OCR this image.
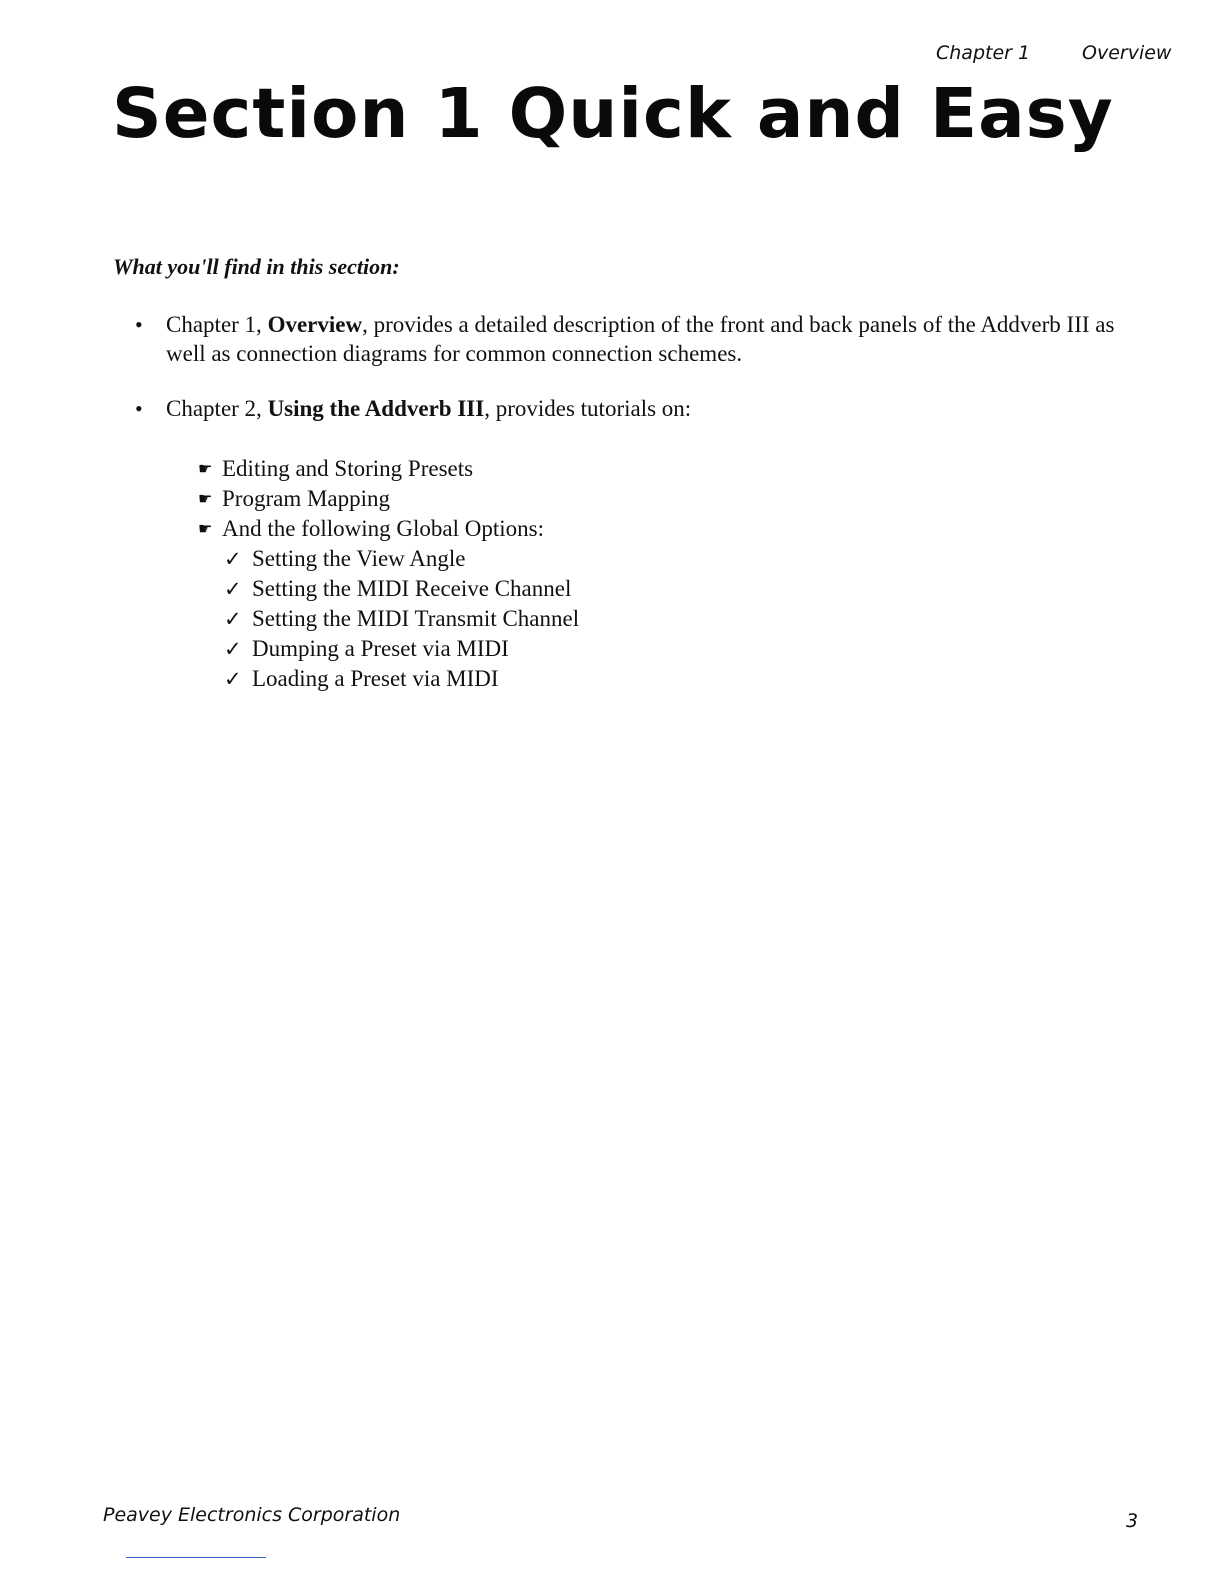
Chapter 1	Overview
Section 1 Quick and Easy
What you'll find in this section:
• Chapter 1, Overview, provides a detailed description of the front and back panels of the Addverb III as well as connection diagrams for common connection schemes.
• Chapter 2, Using the Addverb III, provides tutorials on:
☛ Editing and Storing Presets
☛ Program Mapping
☛ And the following Global Options:
✓ Setting the View Angle
✓ Setting the MIDI Receive Channel
✓ Setting the MIDI Transmit Channel
✓ Dumping a Preset via MIDI
✓ Loading a Preset via MIDI
Peavey Electronics Corporation	3
